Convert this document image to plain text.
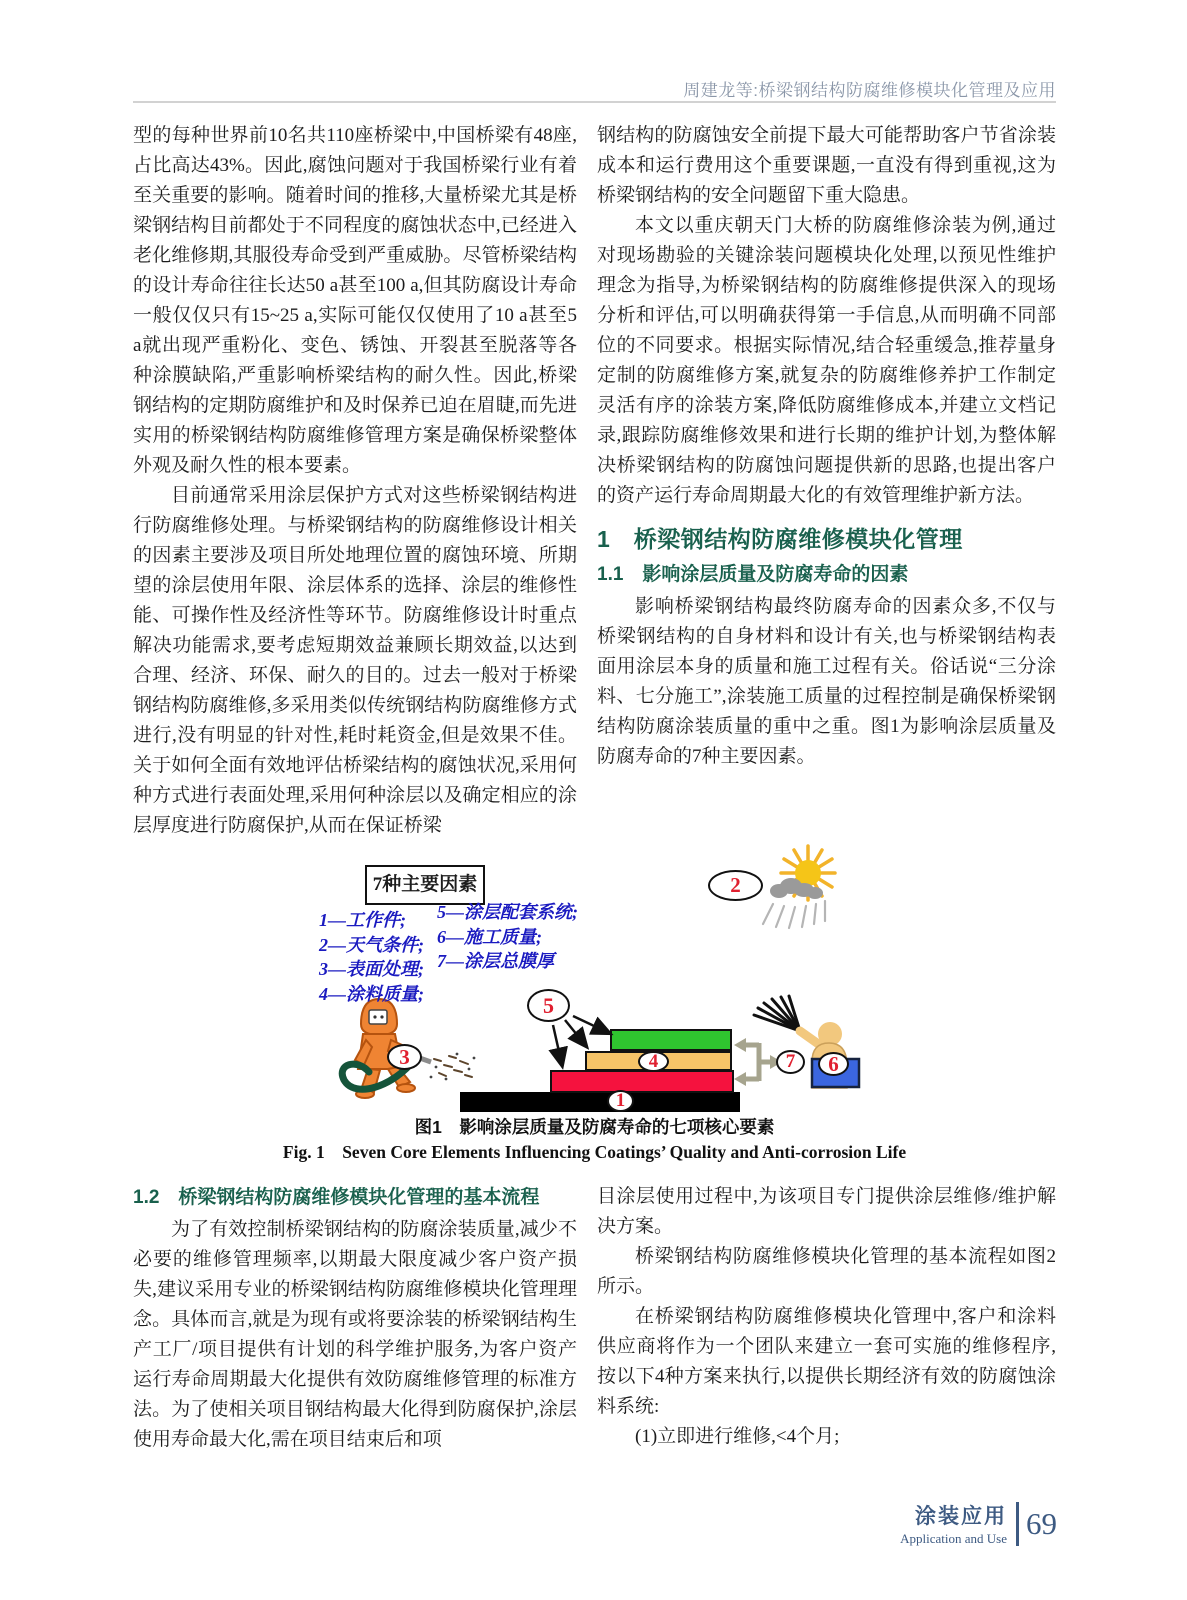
周建龙等:桥梁钢结构防腐维修模块化管理及应用

型的每种世界前10名共110座桥梁中,中国桥梁有48座,占比高达43%。因此,腐蚀问题对于我国桥梁行业有着至关重要的影响。随着时间的推移,大量桥梁尤其是桥梁钢结构目前都处于不同程度的腐蚀状态中,已经进入老化维修期,其服役寿命受到严重威胁。尽管桥梁结构的设计寿命往往长达50 a甚至100 a,但其防腐设计寿命一般仅仅只有15~25 a,实际可能仅仅使用了10 a甚至5 a就出现严重粉化、变色、锈蚀、开裂甚至脱落等各种涂膜缺陷,严重影响桥梁结构的耐久性。因此,桥梁钢结构的定期防腐维护和及时保养已迫在眉睫,而先进实用的桥梁钢结构防腐维修管理方案是确保桥梁整体外观及耐久性的根本要素。

目前通常采用涂层保护方式对这些桥梁钢结构进行防腐维修处理。与桥梁钢结构的防腐维修设计相关的因素主要涉及项目所处地理位置的腐蚀环境、所期望的涂层使用年限、涂层体系的选择、涂层的维修性能、可操作性及经济性等环节。防腐维修设计时重点解决功能需求,要考虑短期效益兼顾长期效益,以达到合理、经济、环保、耐久的目的。过去一般对于桥梁钢结构防腐维修,多采用类似传统钢结构防腐维修方式进行,没有明显的针对性,耗时耗资金,但是效果不佳。关于如何全面有效地评估桥梁结构的腐蚀状况,采用何种方式进行表面处理,采用何种涂层以及确定相应的涂层厚度进行防腐保护,从而在保证桥梁

钢结构的防腐蚀安全前提下最大可能帮助客户节省涂装成本和运行费用这个重要课题,一直没有得到重视,这为桥梁钢结构的安全问题留下重大隐患。

本文以重庆朝天门大桥的防腐维修涂装为例,通过对现场勘验的关键涂装问题模块化处理,以预见性维护理念为指导,为桥梁钢结构的防腐维修提供深入的现场分析和评估,可以明确获得第一手信息,从而明确不同部位的不同要求。根据实际情况,结合轻重缓急,推荐量身定制的防腐维修方案,就复杂的防腐维修养护工作制定灵活有序的涂装方案,降低防腐维修成本,并建立文档记录,跟踪防腐维修效果和进行长期的维护计划,为整体解决桥梁钢结构的防腐蚀问题提供新的思路,也提出客户的资产运行寿命周期最大化的有效管理维护新方法。

1　桥梁钢结构防腐维修模块化管理
1.1　影响涂层质量及防腐寿命的因素

影响桥梁钢结构最终防腐寿命的因素众多,不仅与桥梁钢结构的自身材料和设计有关,也与桥梁钢结构表面用涂层本身的质量和施工过程有关。俗话说“三分涂料、七分施工”,涂装施工质量的过程控制是确保桥梁钢结构防腐涂装质量的重中之重。图1为影响涂层质量及防腐寿命的7种主要因素。

7种主要因素
1—工作件;
2—天气条件;
3—表面处理;
4—涂料质量;
5—涂层配套系统;
6—施工质量;
7—涂层总膜厚
1
2
3	4
5
6
7
图1　影响涂层质量及防腐寿命的七项核心要素
Fig. 1　Seven Core Elements Influencing Coatings’ Quality and Anti-corrosion Life
1.2　桥梁钢结构防腐维修模块化管理的基本流程

为了有效控制桥梁钢结构的防腐涂装质量,减少不必要的维修管理频率,以期最大限度减少客户资产损失,建议采用专业的桥梁钢结构防腐维修模块化管理理念。具体而言,就是为现有或将要涂装的桥梁钢结构生产工厂/项目提供有计划的科学维护服务,为客户资产运行寿命周期最大化提供有效防腐维修管理的标准方法。为了使相关项目钢结构最大化得到防腐保护,涂层使用寿命最大化,需在项目结束后和项

目涂层使用过程中,为该项目专门提供涂层维修/维护解决方案。

桥梁钢结构防腐维修模块化管理的基本流程如图2所示。

在桥梁钢结构防腐维修模块化管理中,客户和涂料供应商将作为一个团队来建立一套可实施的维修程序,按以下4种方案来执行,以提供长期经济有效的防腐蚀涂料系统:

(1)立即进行维修,<4个月;

涂装应用
Application and Use 69
